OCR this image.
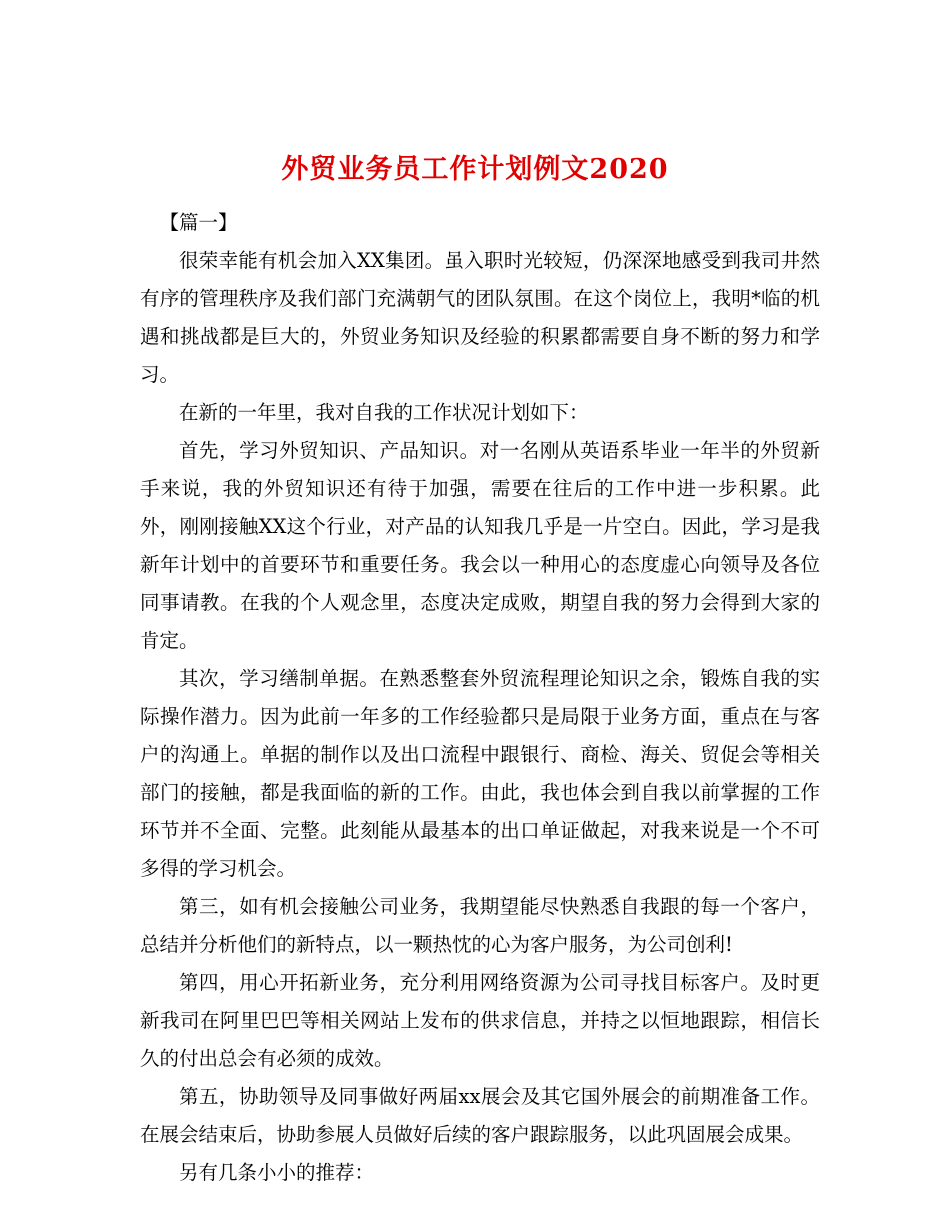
外贸业务员工作计划例文2020

【篇一】

很荣幸能有机会加入XX集团。虽入职时光较短，仍深深地感受到我司井然有序的管理秩序及我们部门充满朝气的团队氛围。在这个岗位上，我明*临的机遇和挑战都是巨大的，外贸业务知识及经验的积累都需要自身不断的努力和学习。

在新的一年里，我对自我的工作状况计划如下：

首先，学习外贸知识、产品知识。对一名刚从英语系毕业一年半的外贸新手来说，我的外贸知识还有待于加强，需要在往后的工作中进一步积累。此外，刚刚接触XX这个行业，对产品的认知我几乎是一片空白。因此，学习是我新年计划中的首要环节和重要任务。我会以一种用心的态度虚心向领导及各位同事请教。在我的个人观念里，态度决定成败，期望自我的努力会得到大家的肯定。

其次，学习缮制单据。在熟悉整套外贸流程理论知识之余，锻炼自我的实际操作潜力。因为此前一年多的工作经验都只是局限于业务方面，重点在与客户的沟通上。单据的制作以及出口流程中跟银行、商检、海关、贸促会等相关部门的接触，都是我面临的新的工作。由此，我也体会到自我以前掌握的工作环节并不全面、完整。此刻能从最基本的出口单证做起，对我来说是一个不可多得的学习机会。

第三，如有机会接触公司业务，我期望能尽快熟悉自我跟的每一个客户，总结并分析他们的新特点，以一颗热忱的心为客户服务，为公司创利!

第四，用心开拓新业务，充分利用网络资源为公司寻找目标客户。及时更新我司在阿里巴巴等相关网站上发布的供求信息，并持之以恒地跟踪，相信长久的付出总会有必须的成效。

第五，协助领导及同事做好两届xx展会及其它国外展会的前期准备工作。在展会结束后，协助参展人员做好后续的客户跟踪服务，以此巩固展会成果。

另有几条小小的推荐：
